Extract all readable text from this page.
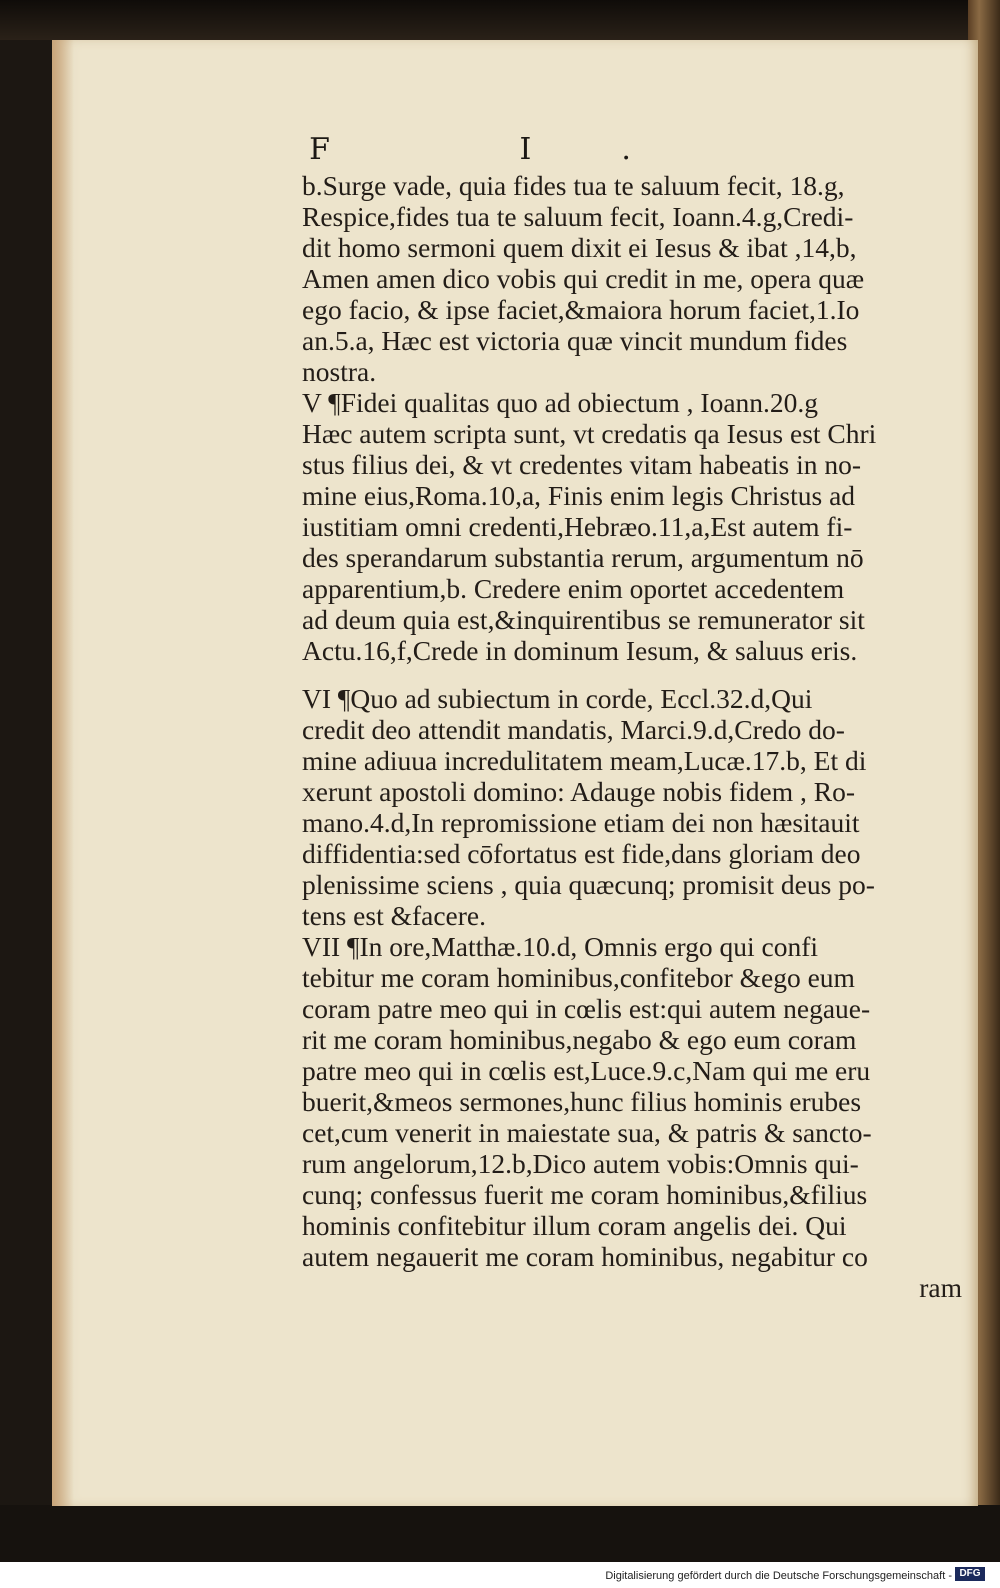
F I.
b.Surge vade, quia fides tua te saluum fecit, 18.g,
Respice,fides tua te saluum fecit, Ioann.4.g,Credi-
dit homo sermoni quem dixit ei Iesus & ibat ,14,b,
Amen amen dico vobis qui credit in me, opera quæ
ego facio, & ipse faciet,&maiora horum faciet,1.Io
an.5.a, Hæc est victoria quæ vincit mundum fides
nostra.
V ¶Fidei qualitas quo ad obiectum , Ioann.20.g
Hæc autem scripta sunt, vt credatis qa Iesus est Chri
stus filius dei, & vt credentes vitam habeatis in no-
mine eius,Roma.10,a, Finis enim legis Christus ad
iustitiam omni credenti,Hebræo.11,a,Est autem fi-
des sperandarum substantia rerum, argumentum nō
apparentium,b. Credere enim oportet accedentem
ad deum quia est,&inquirentibus se remunerator sit
Actu.16,f,Crede in dominum Iesum, & saluus eris.
VI ¶Quo ad subiectum in corde, Eccl.32.d,Qui
credit deo attendit mandatis, Marci.9.d,Credo do-
mine adiuua incredulitatem meam,Lucæ.17.b, Et di
xerunt apostoli domino: Adauge nobis fidem , Ro-
mano.4.d,In repromissione etiam dei non hæsitauit
diffidentia:sed cōfortatus est fide,dans gloriam deo
plenissime sciens , quia quæcunq; promisit deus po-
tens est &facere.
VII ¶In ore,Matthæ.10.d, Omnis ergo qui confi
tebitur me coram hominibus,confitebor &ego eum
coram patre meo qui in cœlis est:qui autem negaue-
rit me coram hominibus,negabo & ego eum coram
patre meo qui in cœlis est,Luce.9.c,Nam qui me eru
buerit,&meos sermones,hunc filius hominis erubes
cet,cum venerit in maiestate sua, & patris & sancto-
rum angelorum,12.b,Dico autem vobis:Omnis qui-
cunq; confessus fuerit me coram hominibus,&filius
hominis confitebitur illum coram angelis dei. Qui
autem negauerit me coram hominibus, negabitur co
ram
Digitalisierung gefördert durch die Deutsche Forschungsgemeinschaft - DFG
